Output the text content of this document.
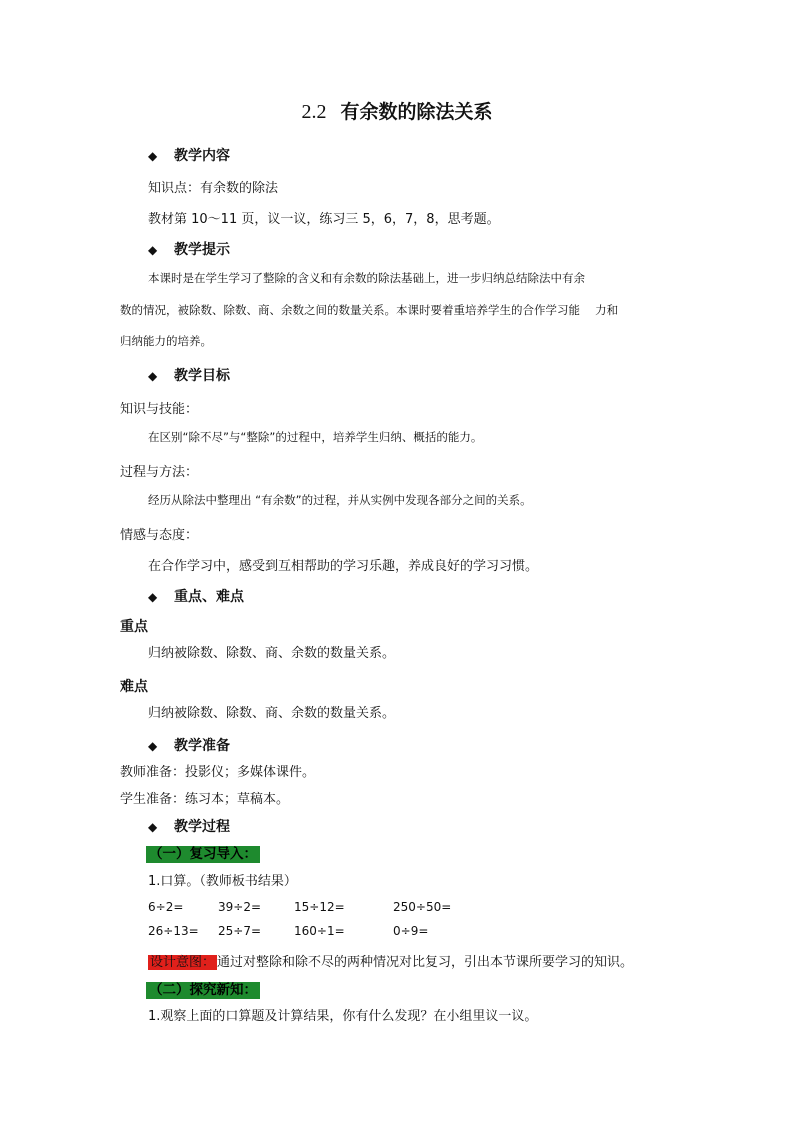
2.2 有余数的除法关系
◆ 教学内容
知识点：有余数的除法
教材第 10～11 页，议一议，练习三 5，6，7，8，思考题。
◆ 教学提示
本课时是在学生学习了整除的含义和有余数的除法基础上，进一步归纳总结除法中有余
数的情况，被除数、除数、商、余数之间的数量关系。本课时要着重培养学生的合作学习能　 力和
归纳能力的培养。
◆ 教学目标
知识与技能：
在区别“除不尽”与“整除”的过程中，培养学生归纳、概括的能力。
过程与方法：
经历从除法中整理出 “有余数”的过程，并从实例中发现各部分之间的关系。
情感与态度：
在合作学习中，感受到互相帮助的学习乐趣，养成良好的学习习惯。
◆ 重点、难点
重点
归纳被除数、除数、商、余数的数量关系。
难点
归纳被除数、除数、商、余数的数量关系。
◆ 教学准备
教师准备：投影仪；多媒体课件。
学生准备：练习本；草稿本。
◆ 教学过程
（一）复习导入：
1.口算。（教师板书结果）
6÷2=	39÷2=	15÷12=	250÷50=
26÷13= 25÷7=	160÷1=	0÷9=
设计意图： 通过对整除和除不尽的两种情况对比复习，引出本节课所要学习的知识。
（二）探究新知：
1.观察上面的口算题及计算结果，你有什么发现？在小组里议一议。
